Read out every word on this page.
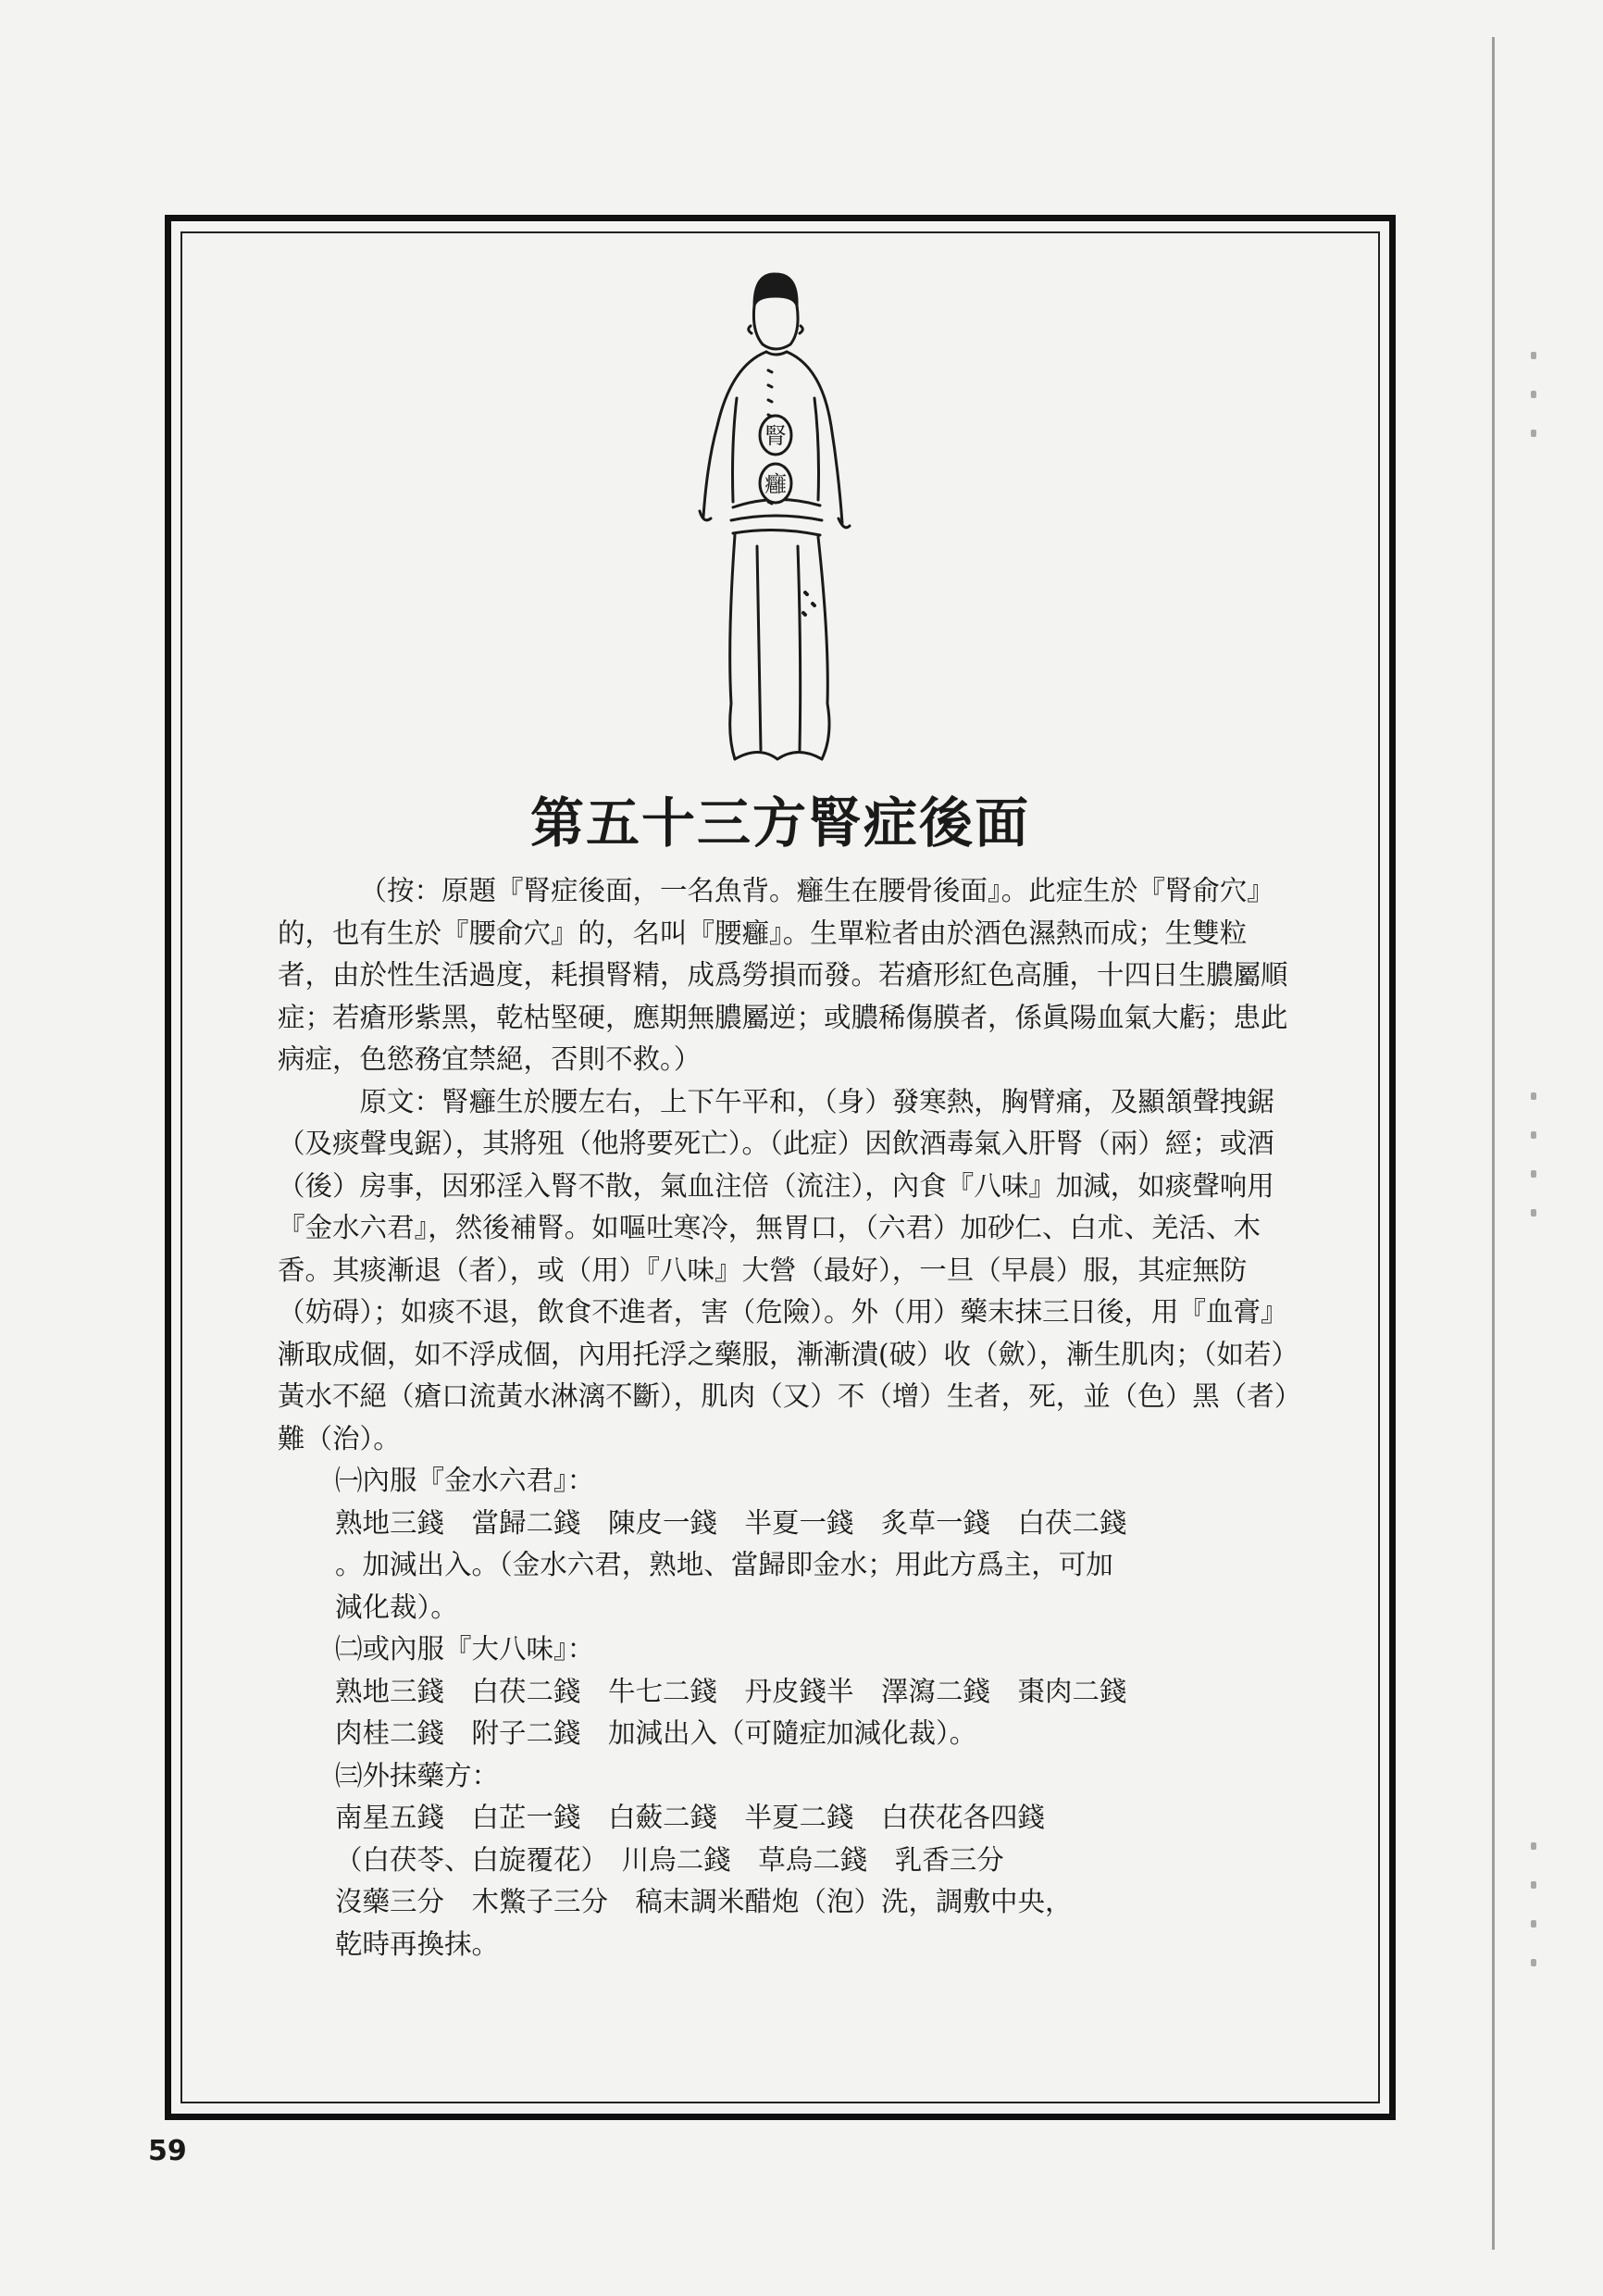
腎
癰
第五十三方腎症後面

（按：原題『腎症後面，一名魚背。癰生在腰骨後面』。此症生於『腎俞穴』的，也有生於『腰俞穴』的，名叫『腰癰』。生單粒者由於酒色濕熱而成；生雙粒者，由於性生活過度，耗損腎精，成爲勞損而發。若瘡形紅色高腫，十四日生膿屬順症；若瘡形紫黑，乾枯堅硬，應期無膿屬逆；或膿稀傷膜者，係眞陽血氣大虧；患此病症，色慾務宜禁絕，否則不救。）

原文：腎癰生於腰左右，上下午平和，（身）發寒熱，胸臂痛，及顯頷聲拽鋸（及痰聲曳鋸），其將殂（他將要死亡）。（此症）因飲酒毒氣入肝腎（兩）經；或酒（後）房事，因邪淫入腎不散，氣血注倍（流注），內食『八味』加減，如痰聲响用『金水六君』，然後補腎。如嘔吐寒冷，無胃口，（六君）加砂仁、白朮、羌活、木香。其痰漸退（者），或（用）『八味』大營（最好），一旦（早晨）服，其症無防（妨碍）；如痰不退，飲食不進者，害（危險）。外（用）藥末抹三日後，用『血膏』漸取成個，如不浮成個，內用托浮之藥服，漸漸潰(破）收（歛），漸生肌肉；（如若）黃水不絕（瘡口流黃水淋漓不斷），肌肉（又）不（增）生者，死，並（色）黑（者）難（治）。

㈠內服『金水六君』：

熟地三錢　當歸二錢　陳皮一錢　半夏一錢　炙草一錢　白茯二錢

。加減出入。（金水六君，熟地、當歸即金水；用此方爲主，可加

減化裁）。

㈡或內服『大八味』：

熟地三錢　白茯二錢　牛七二錢　丹皮錢半　澤瀉二錢　棗肉二錢

肉桂二錢　附子二錢　加減出入（可隨症加減化裁）。

㈢外抹藥方：

南星五錢　白芷一錢　白蘞二錢　半夏二錢　白茯花各四錢

（白茯苓、白旋覆花）　川烏二錢　草烏二錢　乳香三分

沒藥三分　木鱉子三分　稿末調米醋炮（泡）洗，調敷中央，

乾時再換抹。

59
